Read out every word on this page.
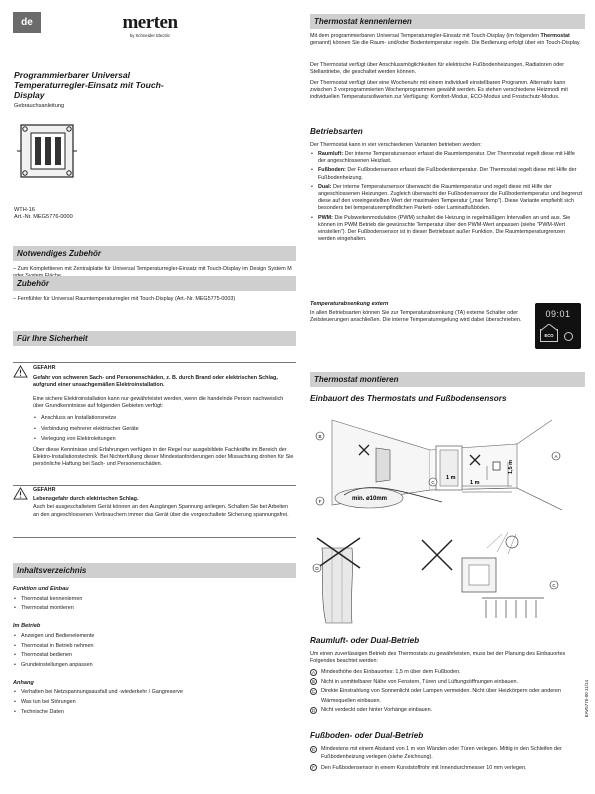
de	merten
by Schneider Electric
Programmierbarer Universal Temperaturregler-Einsatz mit Touch-Display
Gebrauchsanleitung
WTH-16
Art.-Nr. MEG5776-0000
Notwendiges Zubehör
– Zum Komplettieren mit Zentralplatte für Universal Temperaturregler-Einsatz mit Touch-Display im Design System M
Zubehör
– Fernfühler für Universal Raumtemperaturregler mit Touch-Display (Art.-Nr. MEG5775-0003)
Für Ihre Sicherheit
GEFAHR
Gefahr von schweren Sach- und Personenschäden, z. B. durch Brand oder elektrischen Schlag, aufgrund einer unsachgemäßen Elektroinstallation.
Eine sichere Elektroinstallation kann nur gewährleistet werden, wenn die handelnde Person nachweislich über Grundkenntnisse auf folgenden Gebieten verfügt:
• Anschluss an Installationsnetze
• Verbindung mehrerer elektrischer Geräte
• Verlegung von Elektroleitungen
Über diese Kenntnisse und Erfahrungen verfügen in der Regel nur ausgebildete Fachkräfte im Bereich der Elektro-Installationstechnik. Bei Nichterfüllung dieser Mindestanforderungen oder Missachtung drohen für Sie persönliche Haftung bei Sach- und Personenschäden.
GEFAHR
Lebensgefahr durch elektrischen Schlag.
Auch bei ausgeschaltetem Gerät können an den Ausgängen Spannung anliegen. Schalten Sie bei Arbeiten an den angeschlossenen Verbrauchern immer das Gerät über die vorgeschaltete Sicherung spannungsfrei.
Inhaltsverzeichnis
Funktion und Einbau
• Thermostat kennenlernen
• Thermostat montieren
Im Betrieb
• Anzeigen und Bedienelemente
• Thermostat in Betrieb nehmen
• Thermostat bedienen
• Grundeinstellungen anpassen
Anhang
• Verhalten bei Netzspannungsausfall und -wiederkehr / Gangreserve
• Was tun bei Störungen
• Technische Daten
Thermostat kennenlernen
Mit dem programmierbaren Universal Temperaturregler-Einsatz mit Touch-Display (im folgenden Thermostat genannt) können Sie die Raum- und/oder Bodentemperatur regeln. Die Bedienung erfolgt über ein Touch-Display.
Der Thermostat verfügt über Anschlussmöglichkeiten für elektrische Fußbodenheizungen, Radiatoren oder Stellantriebe, die geschaltet werden können.
Der Thermostat verfügt über eine Wochenuhr mit einem individuell einstellbaren Programm. Alternativ kann zwischen 3 vorprogrammierten Wochenprogrammen gewählt werden. Es stehen verschiedene Heizmodi mit individuellen Temperatursollwerten zur Verfügung: Komfort-Modus, ECO-Modus und Frostschutz-Modus.
Betriebsarten
Der Thermostat kann in vier verschiedenen Varianten betrieben werden:
• Raumluft: Der interne Temperatursensor erfasst die Raumtemperatur. Der Thermostat regelt diese mit Hilfe der angeschlossenen Heizlast.
• Fußboden: Der Fußbodensensor erfasst die Fußbodentemperatur. Der Thermostat regelt diese mit Hilfe der Fußbodenheizung.
• Dual: Der interne Temperatursensor überwacht die Raumtemperatur und regelt diese mit Hilfe der angeschlossenen Heizungen. Zugleich überwacht der Fußbodensensor die Fußbodentemperatur und begrenzt diese auf den voreingestellten Wert der maximalen Temperatur („max Temp"). Diese Variante empfiehlt sich besonders bei temperaturempfindlichen Parkett- oder Laminatfußböden.
• PWM: Die Pulsweitenmodulation (PWM) schaltet die Heizung in regelmäßigen Intervallen an und aus. Sie können im PWM Betrieb die gewünschte Temperatur über den PWM-Wert anpassen (siehe "PWM-Wert einstellen"). Der Fußbodensensor ist in dieser Betriebsart außer Funktion. Die Raumtemperaturgrenzen werden eingehalten.
Temperaturabsenkung extern
In allen Betriebsarten können Sie zur Temperaturabsenkung (TA) externe Schalter oder Zeitsteuerungen anschließen. Die interne Temperaturregelung wird dabei überschrieben.
09:01
ECO
Thermostat montieren
Einbauort des Thermostats und Fußbodensensors
B
A
C
F
1 m
1 m
1,5 m
min. ø10mm
D
C
Raumluft- oder Dual-Betrieb
Um einen zuverlässigen Betrieb des Thermostats zu gewährleisten, muss bei der Planung des Einbauortes Folgendes beachtet werden:
A	Mindesthöhe des Einbauortes: 1,5 m über dem Fußboden.
B	Nicht in unmittelbarer Nähe von Fenstern, Türen und Lüftungsöffnungen einbauen.
C	Direkte Einstrahlung von Sonnenlicht oder Lampen vermeiden. Nicht über Heizkörpern oder anderen Wärmequellen einbauen.
D	Nicht verdeckt oder hinter Vorhänge einbauen.
Fußboden- oder Dual-Betrieb
E	Mindestens mit einem Abstand von 1 m von Wänden oder Türen verlegen. Mittig in den Schleifen der Fußbodenheizung verlegen (siehe Zeichnung).
F	Den Fußbodensensor in einem Kunststoffrohr mit Innendurchmesser 10 mm verlegen.
EAV5776-00 11/14
